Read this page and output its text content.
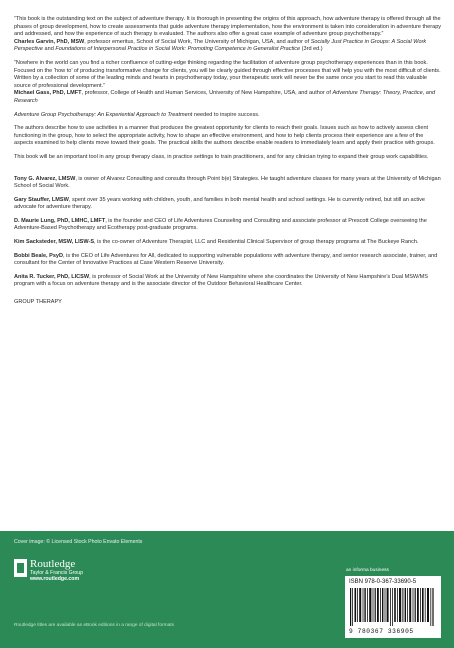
“This book is the outstanding text on the subject of adventure therapy. It is thorough in presenting the origins of this approach, how adventure therapy is offered through all the phases of group development, how to create assessments that guide adventure therapy implementation, how the environment is taken into consideration in adventure therapy and addressed, and how the experience of such therapy is evaluated. The authors also offer a great case example of adventure group psychotherapy.”

Charles Garvin, PhD, MSW, professor emeritus, School of Social Work, The University of Michigan, USA, and author of Socially Just Practice in Groups: A Social Work Perspective and Foundations of Interpersonal Practice in Social Work: Promoting Competence in Generalist Practice (3rd ed.)

“Nowhere in the world can you find a richer confluence of cutting-edge thinking regarding the facilitation of adventure group psychotherapy experiences than in this book. Focused on the ‘how to’ of producing transformative change for clients, you will be clearly guided through effective processes that will help you with the most difficult of clients. Written by a collection of some of the leading minds and hearts in psychotherapy today, your therapeutic work will never be the same once you start to read this valuable source of professional development.”

Michael Gass, PhD, LMFT, professor, College of Health and Human Services, University of New Hampshire, USA, and author of Adventure Therapy: Theory, Practice, and Research

Adventure Group Psychotherapy: An Experiential Approach to Treatment needed to inspire success.

The authors describe how to use activities in a manner that produces the greatest opportunity for clients to reach their goals. Issues such as how to actively assess client functioning in the group, how to select the appropriate activity, how to shape an effective environment, and how to help clients process their experience are a few of the aspects examined to help clients move toward their goals. The practical skills the authors describe enable readers to immediately learn and apply their practice with groups.

This book will be an important tool in any group therapy class, in practice settings to train practitioners, and for any clinician trying to expand their group work capabilities.

Tony G. Alvarez, LMSW, is owner of Alvarez Consulting and consults through Point b(e) Strategies. He taught adventure classes for many years at the University of Michigan School of Social Work.

Gary Stauffer, LMSW, spent over 35 years working with children, youth, and families in both mental health and school settings. He is currently retired, but still an active advocate for adventure therapy.

D. Maurie Lung, PhD, LMHC, LMFT, is the founder and CEO of Life Adventures Counseling and Consulting and associate professor at Prescott College overseeing the Adventure-Based Psychotherapy and Ecotherapy post-graduate programs.

Kim Sacksteder, MSW, LISW-S, is the co-owner of Adventure Therapist, LLC and Residential Clinical Supervisor of group therapy programs at The Buckeye Ranch.

Bobbi Beale, PsyD, is the CEO of Life Adventures for All, dedicated to supporting vulnerable populations with adventure therapy, and senior research associate, trainer, and consultant for the Center of Innovative Practices at Case Western Reserve University.

Anita R. Tucker, PhD, LICSW, is professor of Social Work at the University of New Hampshire where she coordinates the University of New Hampshire’s Dual MSW/MS program with a focus on adventure therapy and is the associate director of the Outdoor Behavioral Healthcare Center.

GROUP THERAPY

Cover image: © Licensed Stock Photo Envato Elements
Routledge
Taylor & Francis Group
www.routledge.com
Routledge titles are available as eBook editions in a range of digital formats
an informa business
ISBN 978-0-367-33690-5
9 780367 336905
